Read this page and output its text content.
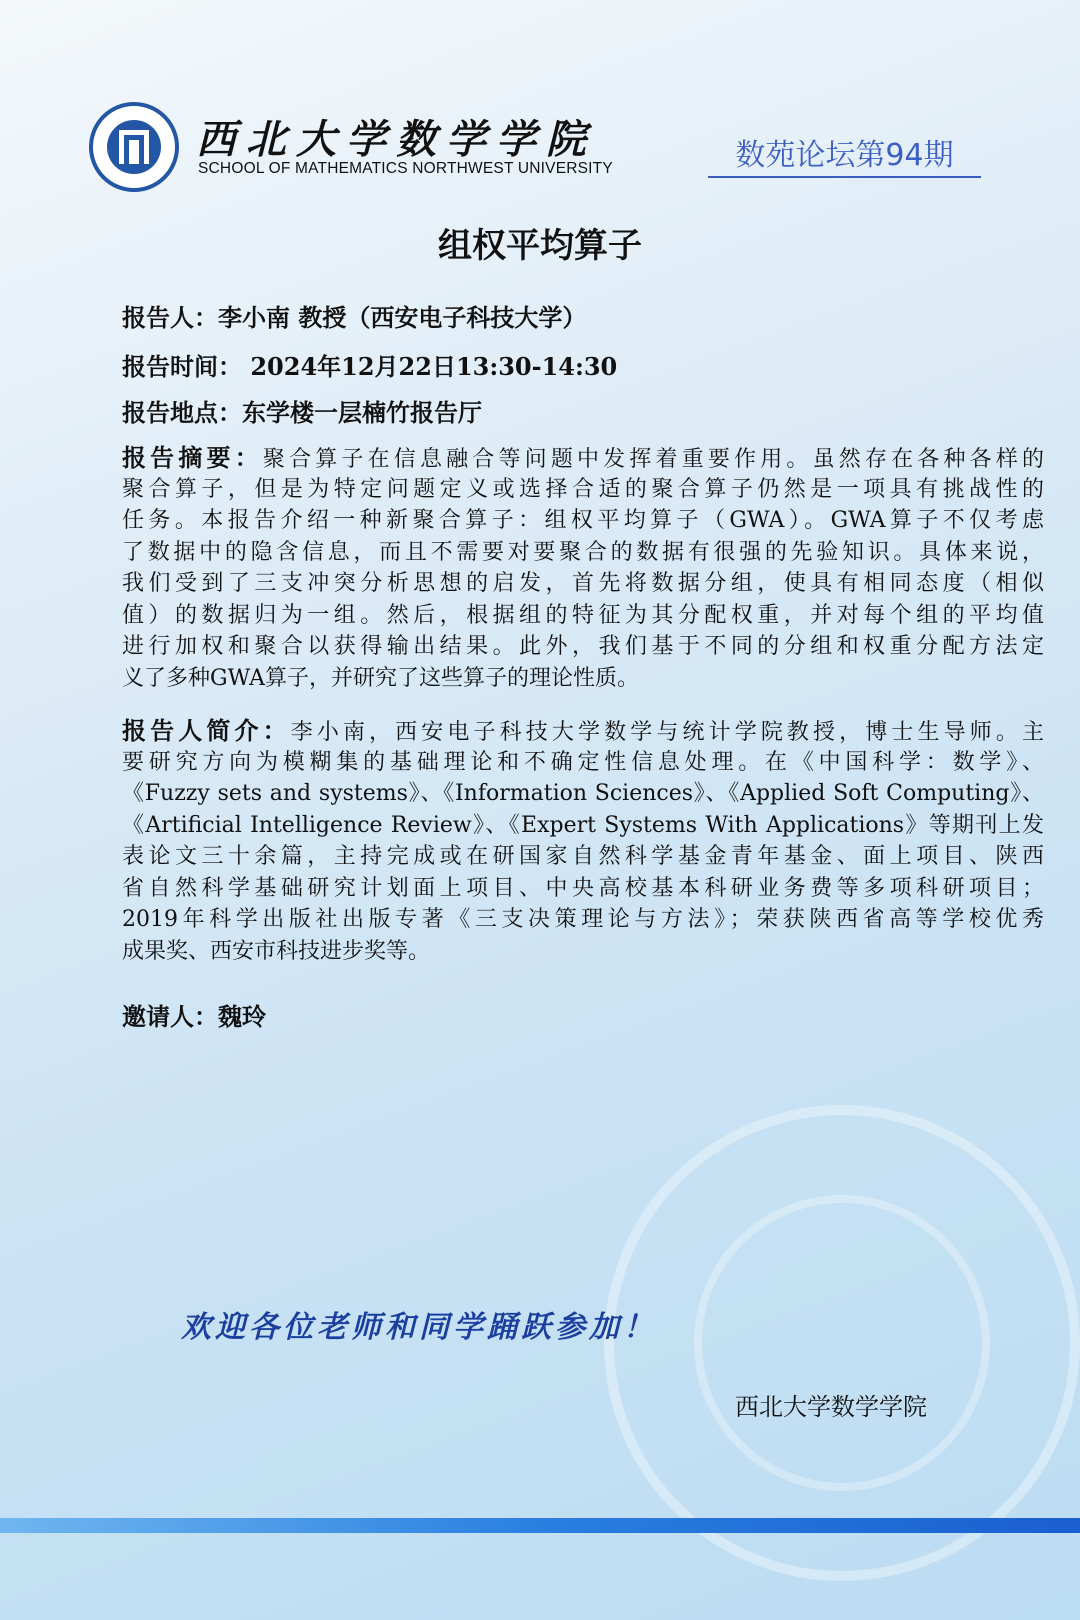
西北大学数学学院
SCHOOL OF MATHEMATICS NORTHWEST UNIVERSITY	数苑论坛第94期
组权平均算子
报告人：李小南 教授（西安电子科技大学）
报告时间： 2024年12月22日13:30-14:30
报告地点：东学楼一层楠竹报告厅
报告摘要：聚合算子在信息融合等问题中发挥着重要作用。虽然存在各种各样的
聚合算子，但是为特定问题定义或选择合适的聚合算子仍然是一项具有挑战性的
任务。本报告介绍一种新聚合算子：组权平均算子（GWA）。GWA算子不仅考虑
了数据中的隐含信息，而且不需要对要聚合的数据有很强的先验知识。具体来说，
我们受到了三支冲突分析思想的启发，首先将数据分组，使具有相同态度（相似
值）的数据归为一组。然后，根据组的特征为其分配权重，并对每个组的平均值
进行加权和聚合以获得输出结果。此外，我们基于不同的分组和权重分配方法定
义了多种GWA算子，并研究了这些算子的理论性质。
报告人简介：李小南，西安电子科技大学数学与统计学院教授，博士生导师。主
要研究方向为模糊集的基础理论和不确定性信息处理。在《中国科学：数学》、
《Fuzzy sets and systems》、《Information Sciences》、《Applied Soft Computing》、
《Artificial Intelligence Review》、《Expert Systems With Applications》等期刊上发
表论文三十余篇，主持完成或在研国家自然科学基金青年基金、面上项目、陕西
省自然科学基础研究计划面上项目、中央高校基本科研业务费等多项科研项目；
2019年科学出版社出版专著《三支决策理论与方法》；荣获陕西省高等学校优秀
成果奖、西安市科技进步奖等。
邀请人：魏玲
欢迎各位老师和同学踊跃参加！
西北大学数学学院
